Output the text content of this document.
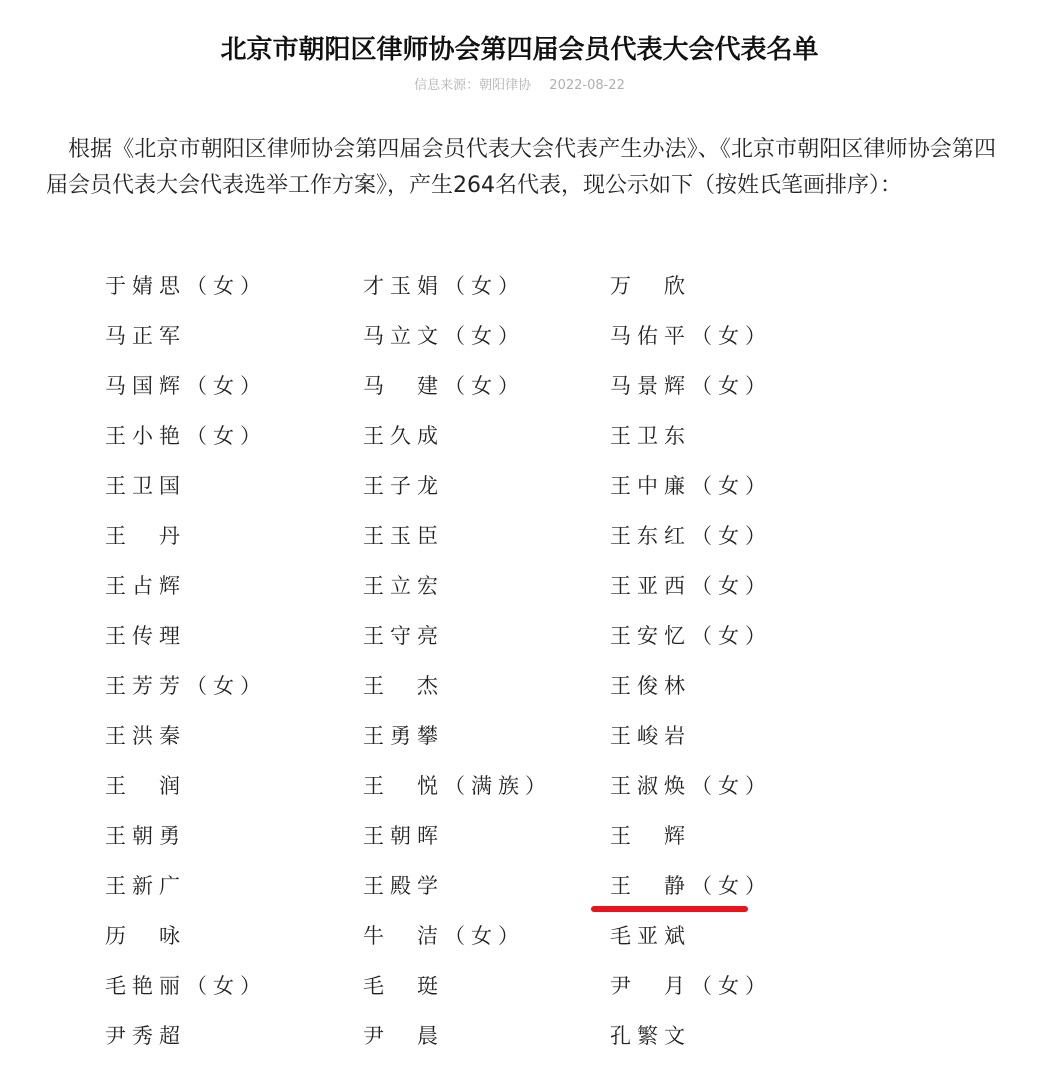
北京市朝阳区律师协会第四届会员代表大会代表名单
信息来源：朝阳律协 2022-08-22

根据《北京市朝阳区律师协会第四届会员代表大会代表产生办法》、《北京市朝阳区律师协会第四届会员代表大会代表选举工作方案》，产生264名代表，现公示如下（按姓氏笔画排序）：

于婧思（女）	才玉娟（女）	万　欣
马正军	马立文（女）	马佑平（女）
马国辉（女）	马　建（女）	马景辉（女）
王小艳（女）	王久成	王卫东
王卫国	王子龙	王中廉（女）
王　丹	王玉臣	王东红（女）
王占辉	王立宏	王亚西（女）
王传理	王守亮	王安忆（女）
王芳芳（女）	王　杰	王俊林
王洪秦	王勇攀	王峻岩
王　润	王　悦（满族）	王淑焕（女）
王朝勇	王朝晖	王　辉
王新广	王殿学	王　静（女）
历　咏	牛　洁（女）	毛亚斌
毛艳丽（女）	毛　珽	尹　月（女）
尹秀超	尹　晨	孔繁文
